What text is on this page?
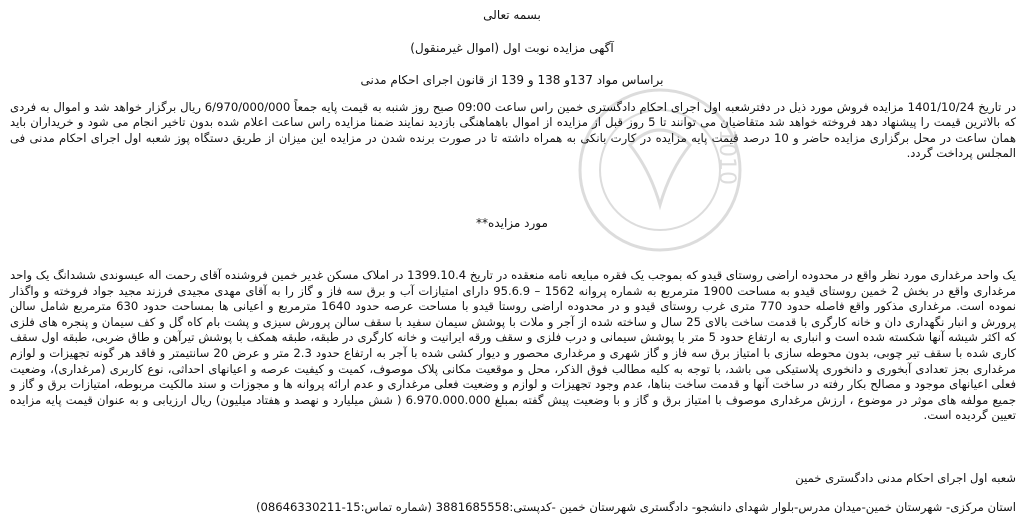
1010
بسمه تعالی
آگهی مزایده نوبت اول (اموال غیرمنقول)
براساس مواد 137و 138 و 139 از قانون اجرای احکام مدنی

در تاریخ 1401/10/24 مزایده فروش مورد ذیل در دفترشعبه اول اجرای احکام دادگستری خمین راس ساعت 09:00 صبح روز شنبه به قیمت پایه جمعاً 6/970/000/000 ریال برگزار خواهد شد و اموال به فردی که بالاترین قیمت را پیشنهاد دهد فروخته خواهد شد متقاضیان می توانند تا 5 روز قبل از مزایده از اموال باهماهنگی بازدید نمایند ضمنا مزایده راس ساعت اعلام شده بدون تاخیر انجام می شود و خریداران باید همان ساعت در محل برگزاری مزایده حاضر و 10 درصد قیمت پایه مزایده در کارت بانکی به همراه داشته تا در صورت برنده شدن در مزایده این میزان از طریق دستگاه پوز شعبه اول اجرای احکام مدنی فی المجلس پرداخت گردد.

مورد مزایده**

یک واحد مرغداری مورد نظر واقع در محدوده اراضی روستای قیدو که بموجب یک فقره مبایعه نامه منعقده در تاریخ 1399.10.4 در املاک مسکن غدیر خمین فروشنده آقای رحمت اله عیسوندی ششدانگ یک واحد مرغداری واقع در بخش 2 خمین روستای قیدو به مساحت 1900 مترمربع به شماره پروانه 1562 – 95.6.9 دارای امتیازات آب و برق سه فاز و گاز را به آقای مهدی مجیدی فرزند مجید جواد فروخته و واگذار نموده است. مرغداری مذکور واقع فاصله حدود 770 متری غرب روستای قیدو و در محدوده اراضی روستا قیدو با مساحت عرصه حدود 1640 مترمربع و اعیانی ها بمساحت حدود 630 مترمربع شامل سالن پرورش و انبار نگهداری دان و خانه کارگری با قدمت ساخت بالای 25 سال و ساخته شده از آجر و ملات با پوشش سیمان سفید با سقف سالن پرورش سیزی و پشت بام کاه گل و کف سیمان و پنجره های فلزی که اکثر شیشه آنها شکسته شده است و انباری به ارتفاع حدود 5 متر با پوشش سیمانی و درب فلزی و سقف ورقه ایرانیت و خانه کارگری در طبقه، طبقه همکف با پوشش تیرآهن و طاق ضربی، طبقه اول سقف کاری شده با سقف تیر چوبی، بدون محوطه سازی با امتیاز برق سه فاز و گاز شهری و مرغداری محصور و دیوار کشی شده با آجر به ارتفاع حدود 2.3 متر و عرض 20 سانتیمتر و فاقد هر گونه تجهیزات و لوازم مرغداری بجز تعدادی آبخوری و دانخوری پلاستیکی می باشد، با توجه به کلیه مطالب فوق الذکر، محل و موقعیت مکانی پلاک موصوف، کمیت و کیفیت عرصه و اعیانهای احداثی، نوع کاربری (مرغداری)، وضعیت فعلی اعیانهای موجود و مصالح بکار رفته در ساخت آنها و قدمت ساخت بناها، عدم وجود تجهیزات و لوازم و وضعیت فعلی مرغداری و عدم ارائه پروانه ها و مجوزات و سند مالکیت مربوطه، امتیازات برق و گاز و جمیع مولفه های موثر در موضوع ، ارزش مرغداری موصوف با امتیاز برق و گاز و با وضعیت پیش گفته بمبلغ 6.970.000.000 ( شش میلیارد و نهصد و هفتاد میلیون) ریال ارزیابی و به عنوان قیمت پایه مزایده تعیین گردیده است.

شعبه اول اجرای احکام مدنی دادگستری خمین
استان مرکزی- شهرستان خمین-میدان مدرس-بلوار شهدای دانشجو- دادگستری شهرستان خمین -کدپستی:3881685558 (شماره تماس:15-08646330211)
